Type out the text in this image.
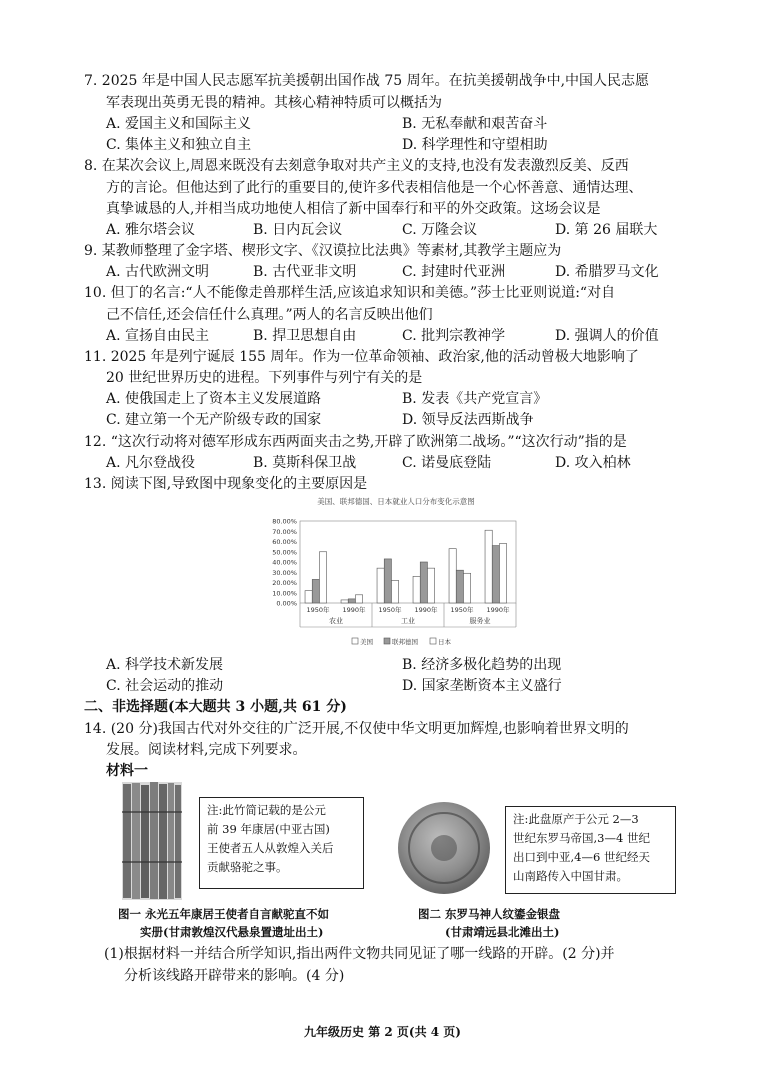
7. 2025 年是中国人民志愿军抗美援朝出国作战 75 周年。在抗美援朝战争中,中国人民志愿
军表现出英勇无畏的精神。其核心精神特质可以概括为
A. 爱国主义和国际主义	B. 无私奉献和艰苦奋斗
C. 集体主义和独立自主	D. 科学理性和守望相助
8. 在某次会议上,周恩来既没有去刻意争取对共产主义的支持,也没有发表激烈反美、反西
方的言论。但他达到了此行的重要目的,使许多代表相信他是一个心怀善意、通情达理、
真挚诚恳的人,并相当成功地使人相信了新中国奉行和平的外交政策。这场会议是
A. 雅尔塔会议	B. 日内瓦会议	C. 万隆会议	D. 第 26 届联大
9. 某教师整理了金字塔、楔形文字、《汉谟拉比法典》等素材,其教学主题应为
A. 古代欧洲文明	B. 古代亚非文明	C. 封建时代亚洲	D. 希腊罗马文化
10. 但丁的名言:“人不能像走兽那样生活,应该追求知识和美德。”莎士比亚则说道:“对自
己不信任,还会信任什么真理。”两人的名言反映出他们
A. 宣扬自由民主	B. 捍卫思想自由	C. 批判宗教神学	D. 强调人的价值
11. 2025 年是列宁诞辰 155 周年。作为一位革命领袖、政治家,他的活动曾极大地影响了
20 世纪世界历史的进程。下列事件与列宁有关的是
A. 使俄国走上了资本主义发展道路	B. 发表《共产党宣言》
C. 建立第一个无产阶级专政的国家	D. 领导反法西斯战争
12. “这次行动将对德军形成东西两面夹击之势,开辟了欧洲第二战场。”“这次行动”指的是
A. 凡尔登战役	B. 莫斯科保卫战	C. 诺曼底登陆	D. 攻入柏林
13. 阅读下图,导致图中现象变化的主要原因是
美国、联邦德国、日本就业人口分布变化示意图
0.00%
10.00%
20.00%
30.00%
40.00%
50.00%
60.00%
70.00%
80.00%
1950年 1990年 1950年 1990年 1950年 1990年
农业	工业	服务业
美国	联邦德国	日本
A. 科学技术新发展	B. 经济多极化趋势的出现
C. 社会运动的推动	D. 国家垄断资本主义盛行
二、非选择题(本大题共 3 小题,共 61 分)
14. (20 分)我国古代对外交往的广泛开展,不仅使中华文明更加辉煌,也影响着世界文明的
发展。阅读材料,完成下列要求。
材料一
注:此竹简记载的是公元
前 39 年康居(中亚古国)
王使者五人从敦煌入关后
贡献骆驼之事。
注:此盘原产于公元 2—3
世纪东罗马帝国,3—4 世纪
出口到中亚,4—6 世纪经天
山南路传入中国甘肃。
图一 永光五年康居王使者自言献驼直不如
实册(甘肃敦煌汉代悬泉置遗址出土)
图二 东罗马神人纹鎏金银盘
(甘肃靖远县北滩出土)
(1)根据材料一并结合所学知识,指出两件文物共同见证了哪一线路的开辟。(2 分)并
分析该线路开辟带来的影响。(4 分)
九年级历史 第 2 页(共 4 页)
